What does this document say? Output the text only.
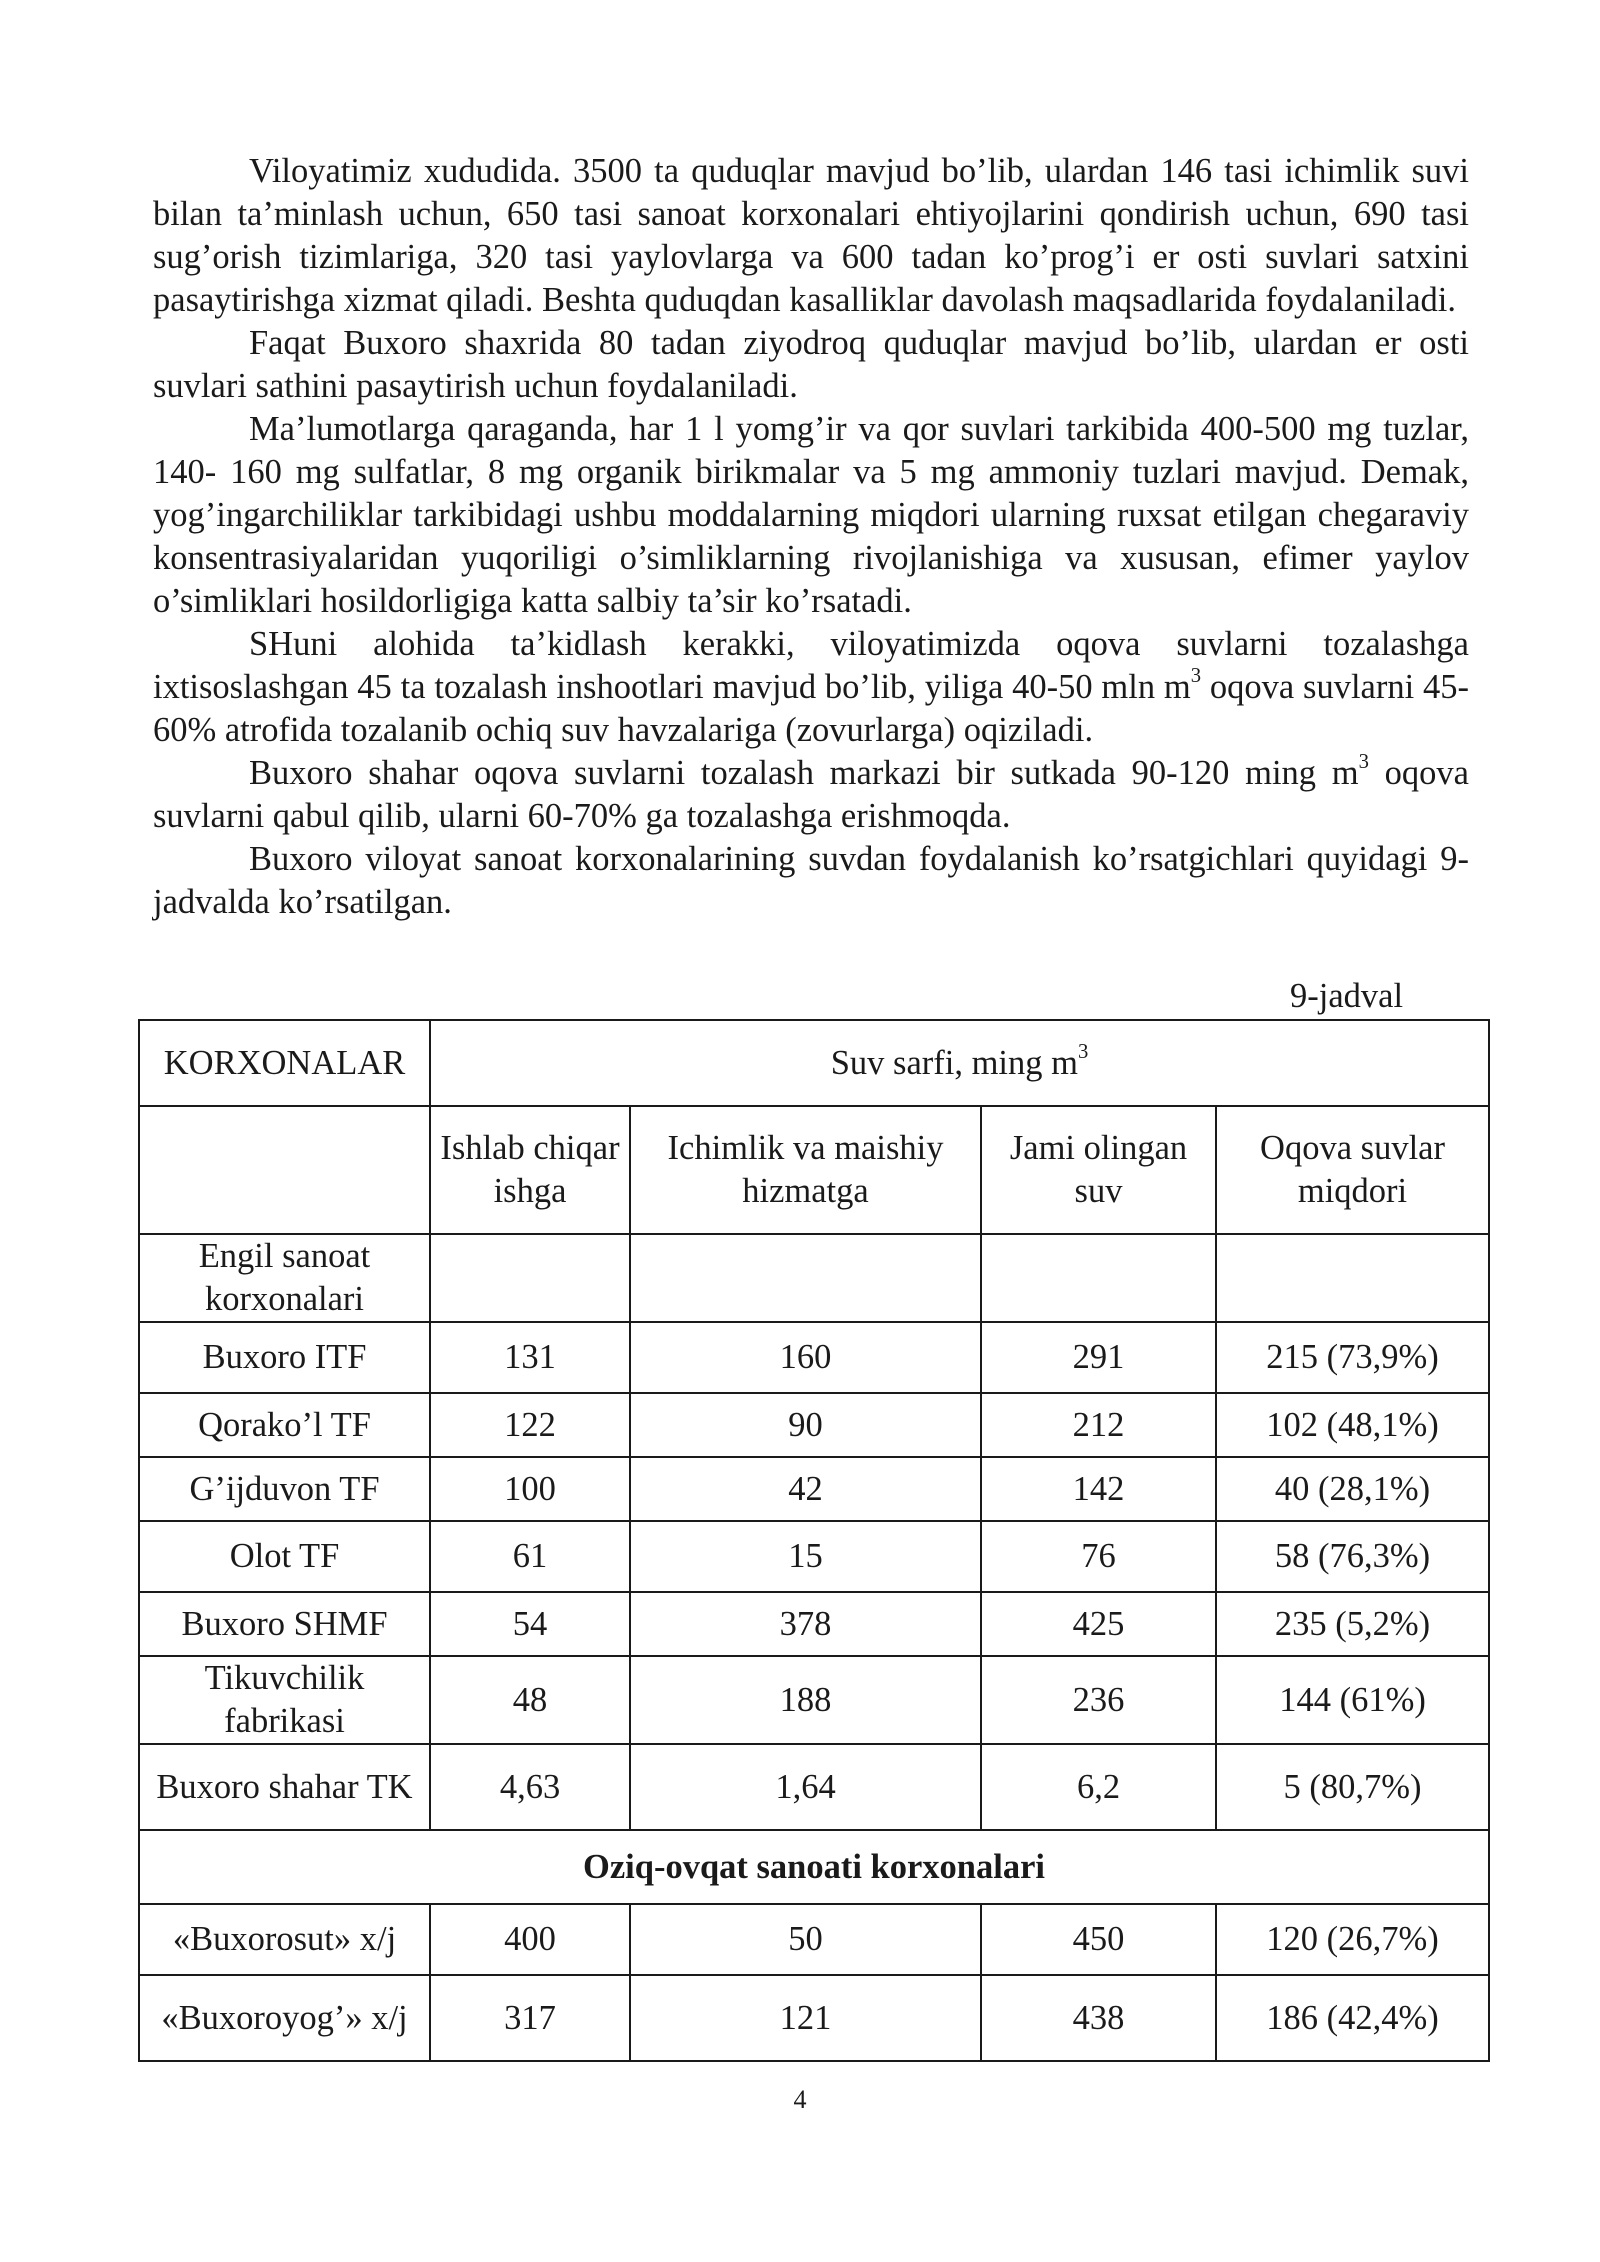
Viloyatimiz xududida. 3500 ta quduqlar mavjud bo’lib, ulardan 146 tasi ichimlik suvi bilan ta’minlash uchun, 650 tasi sanoat korxonalari ehtiyojlarini qondirish uchun, 690 tasi sug’orish tizimlariga, 320 tasi yaylovlarga va 600 tadan ko’prog’i er osti suvlari satxini pasaytirishga xizmat qiladi. Beshta quduqdan kasalliklar davolash maqsadlarida foydalaniladi.

Faqat Buxoro shaxrida 80 tadan ziyodroq quduqlar mavjud bo’lib, ulardan er osti suvlari sathini pasaytirish uchun foydalaniladi.

Ma’lumotlarga qaraganda, har 1 l yomg’ir va qor suvlari tarkibida 400-500 mg tuzlar, 140- 160 mg sulfatlar, 8 mg organik birikmalar va 5 mg ammoniy tuzlari mavjud. Demak, yog’ingarchiliklar tarkibidagi ushbu moddalarning miqdori ularning ruxsat etilgan chegaraviy konsentrasiyalaridan yuqoriligi o’simliklarning rivojlanishiga va xususan, efimer yaylov o’simliklari hosildorligiga katta salbiy ta’sir ko’rsatadi.

SHuni alohida ta’kidlash kerakki, viloyatimizda oqova suvlarni tozalashga ixtisoslashgan 45 ta tozalash inshootlari mavjud bo’lib, yiliga 40-50 mln $m^3$ oqova suvlarni 45-60% atrofida tozalanib ochiq suv havzalariga (zovurlarga) oqiziladi.

Buxoro shahar oqova suvlarni tozalash markazi bir sutkada 90-120 ming $m^3$ oqova suvlarni qabul qilib, ularni 60-70% ga tozalashga erishmoqda.

Buxoro viloyat sanoat korxonalarining suvdan foydalanish ko’rsatgichlari quyidagi 9-jadvalda ko’rsatilgan.

9-jadval
KORXONALAR	Suv sarfi, ming $m^3$
	Ishlab chiqarishga	Ichimlik va maishiy hizmatga	Jami olingan suv	Oqova suvlar miqdori
Engil sanoat korxonalari				
Buxoro ITF	131	160	291	215 (73,9%)
Qorako’l TF	122	90	212	102 (48,1%)
G’ijduvon TF	100	42	142	40 (28,1%)
Olot TF	61	15	76	58 (76,3%)
Buxoro SHMF	54	378	425	235 (5,2%)
Tikuvchilik fabrikasi	48	188	236	144 (61%)
Buxoro shahar TK	4,63	1,64	6,2	5 (80,7%)
Oziq-ovqat sanoati korxonalari				
«Buxorosut» x/j	400	50	450	120 (26,7%)
«Buxoroyog’» x/j	317	121	438	186 (42,4%)
4
